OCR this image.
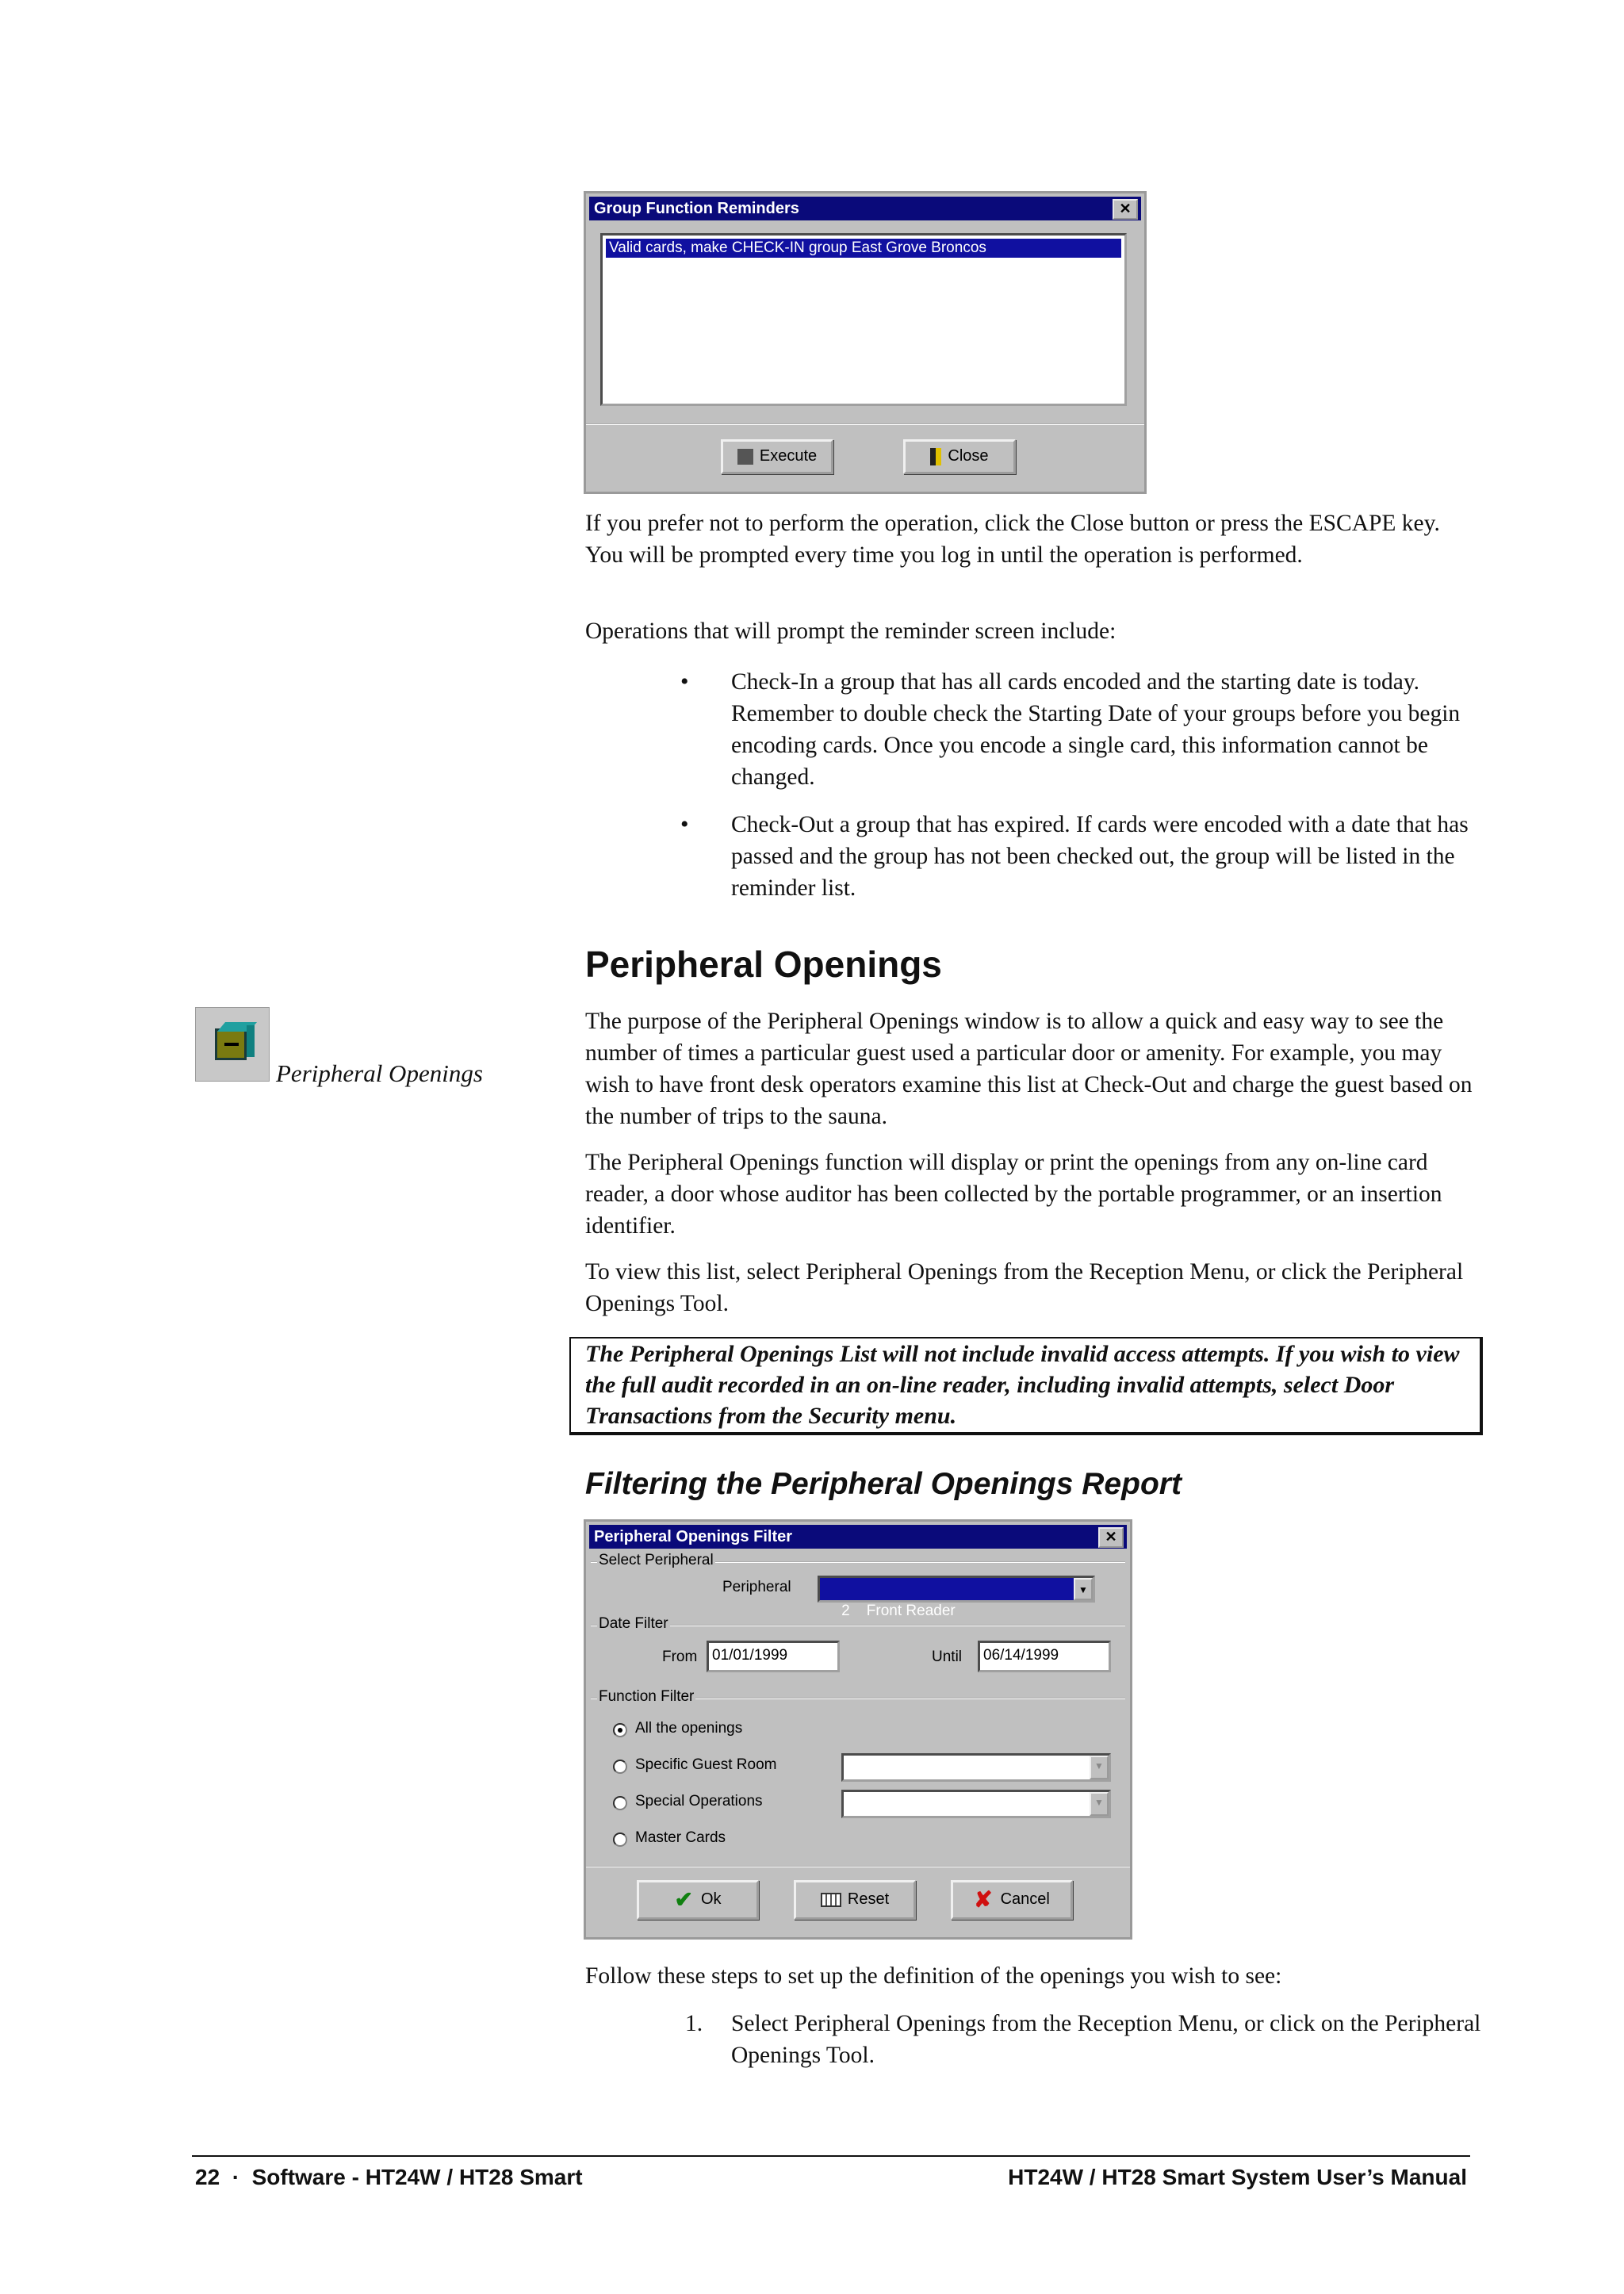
Group Function Reminders	✕
Valid cards, make CHECK-IN group East Grove Broncos
Execute	Close

If you prefer not to perform the operation, click the Close button or press the ESCAPE key. You will be prompted every time you log in until the operation is performed.

Operations that will prompt the reminder screen include:

• Check-In a group that has all cards encoded and the starting date is today. Remember to double check the Starting Date of your groups before you begin encoding cards. Once you encode a single card, this information cannot be changed.

• Check-Out a group that has expired. If cards were encoded with a date that has passed and the group has not been checked out, the group will be listed in the reminder list.

Peripheral Openings
Peripheral Openings

The purpose of the Peripheral Openings window is to allow a quick and easy way to see the number of times a particular guest used a particular door or amenity. For example, you may wish to have front desk operators examine this list at Check-Out and charge the guest based on the number of trips to the sauna.

The Peripheral Openings function will display or print the openings from any on-line card reader, a door whose auditor has been collected by the portable programmer, or an insertion identifier.

To view this list, select Peripheral Openings from the Reception Menu, or click the Peripheral Openings Tool.

The Peripheral Openings List will not include invalid access attempts. If you wish to view the full audit recorded in an on-line reader, including invalid attempts, select Door Transactions from the Security menu.

Filtering the Peripheral Openings Report
Peripheral Openings Filter	✕
Select Peripheral
Peripheral

2    Front Reader

▼

Date Filter
From 01/01/1999	Until	06/14/1999
Function Filter
All the openings
Specific Guest Room	▼
Special Operations	▼
Master Cards
✔ Ok	Reset	✘ Cancel

Follow these steps to set up the definition of the openings you wish to see:

1. Select Peripheral Openings from the Reception Menu, or click on the Peripheral Openings Tool.

22  ·  Software - HT24W / HT28 Smart	HT24W / HT28 Smart System User’s Manual
